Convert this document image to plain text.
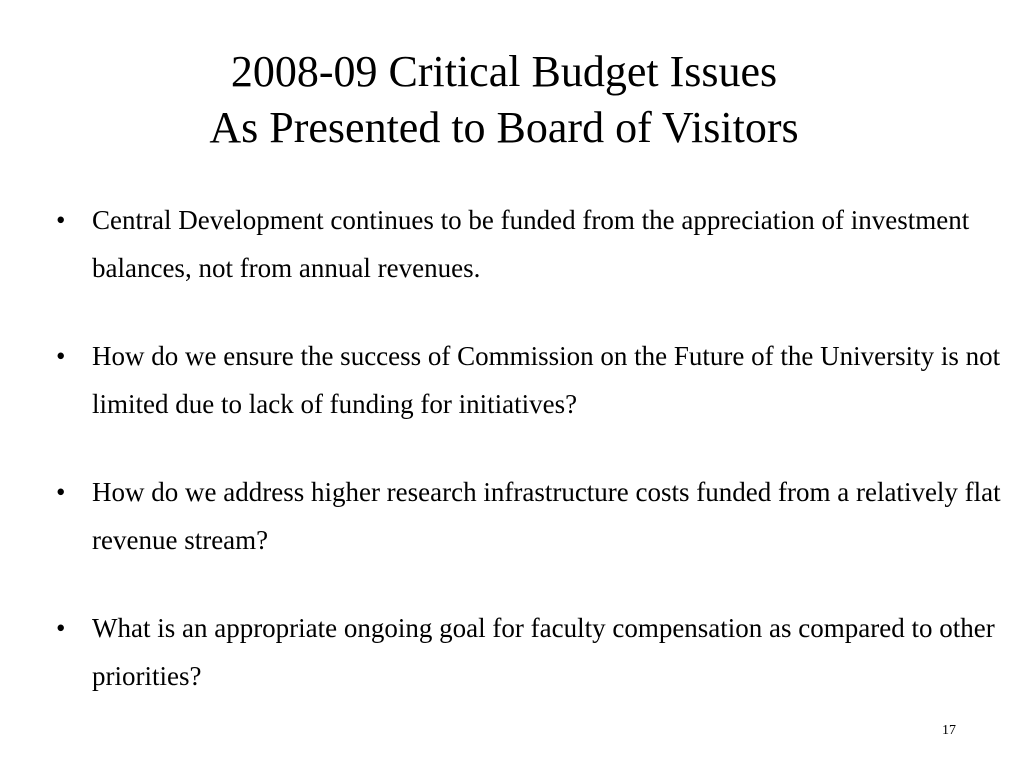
2008-09 Critical Budget Issues
As Presented to Board of Visitors
• Central Development continues to be funded from the appreciation of investment balances, not from annual revenues.
• How do we ensure the success of Commission on the Future of the University is not limited due to lack of funding for initiatives?
• How do we address higher research infrastructure costs funded from a relatively flat revenue stream?
• What is an appropriate ongoing goal for faculty compensation as compared to other priorities?
17
